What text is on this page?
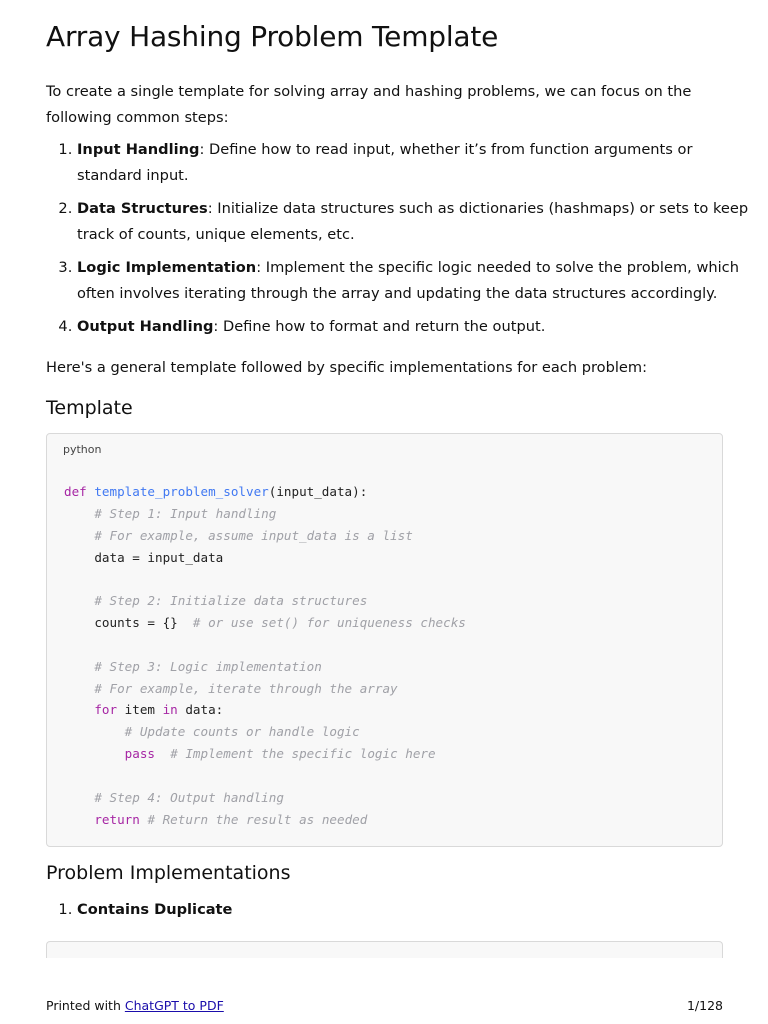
Array Hashing Problem Template

To create a single template for solving array and hashing problems, we can focus on the following common steps:

1. Input Handling: Define how to read input, whether it’s from function arguments or standard input.
2. Data Structures: Initialize data structures such as dictionaries (hashmaps) or sets to keep track of counts, unique elements, etc.
3. Logic Implementation: Implement the specific logic needed to solve the problem, which often involves iterating through the array and updating the data structures accordingly.
4. Output Handling: Define how to format and return the output.

Here's a general template followed by specific implementations for each problem:

Template
python
def template_problem_solver(input_data):
# Step 1: Input handling
# For example, assume input_data is a list
data = input_data

# Step 2: Initialize data structures
counts = {} # or use set() for uniqueness checks

# Step 3: Logic implementation
# For example, iterate through the array
for item in data:
# Update counts or handle logic
pass # Implement the specific logic here

# Step 4: Output handling
return # Return the result as needed
Problem Implementations
1. Contains Duplicate
Printed with ChatGPT to PDF	1/128
